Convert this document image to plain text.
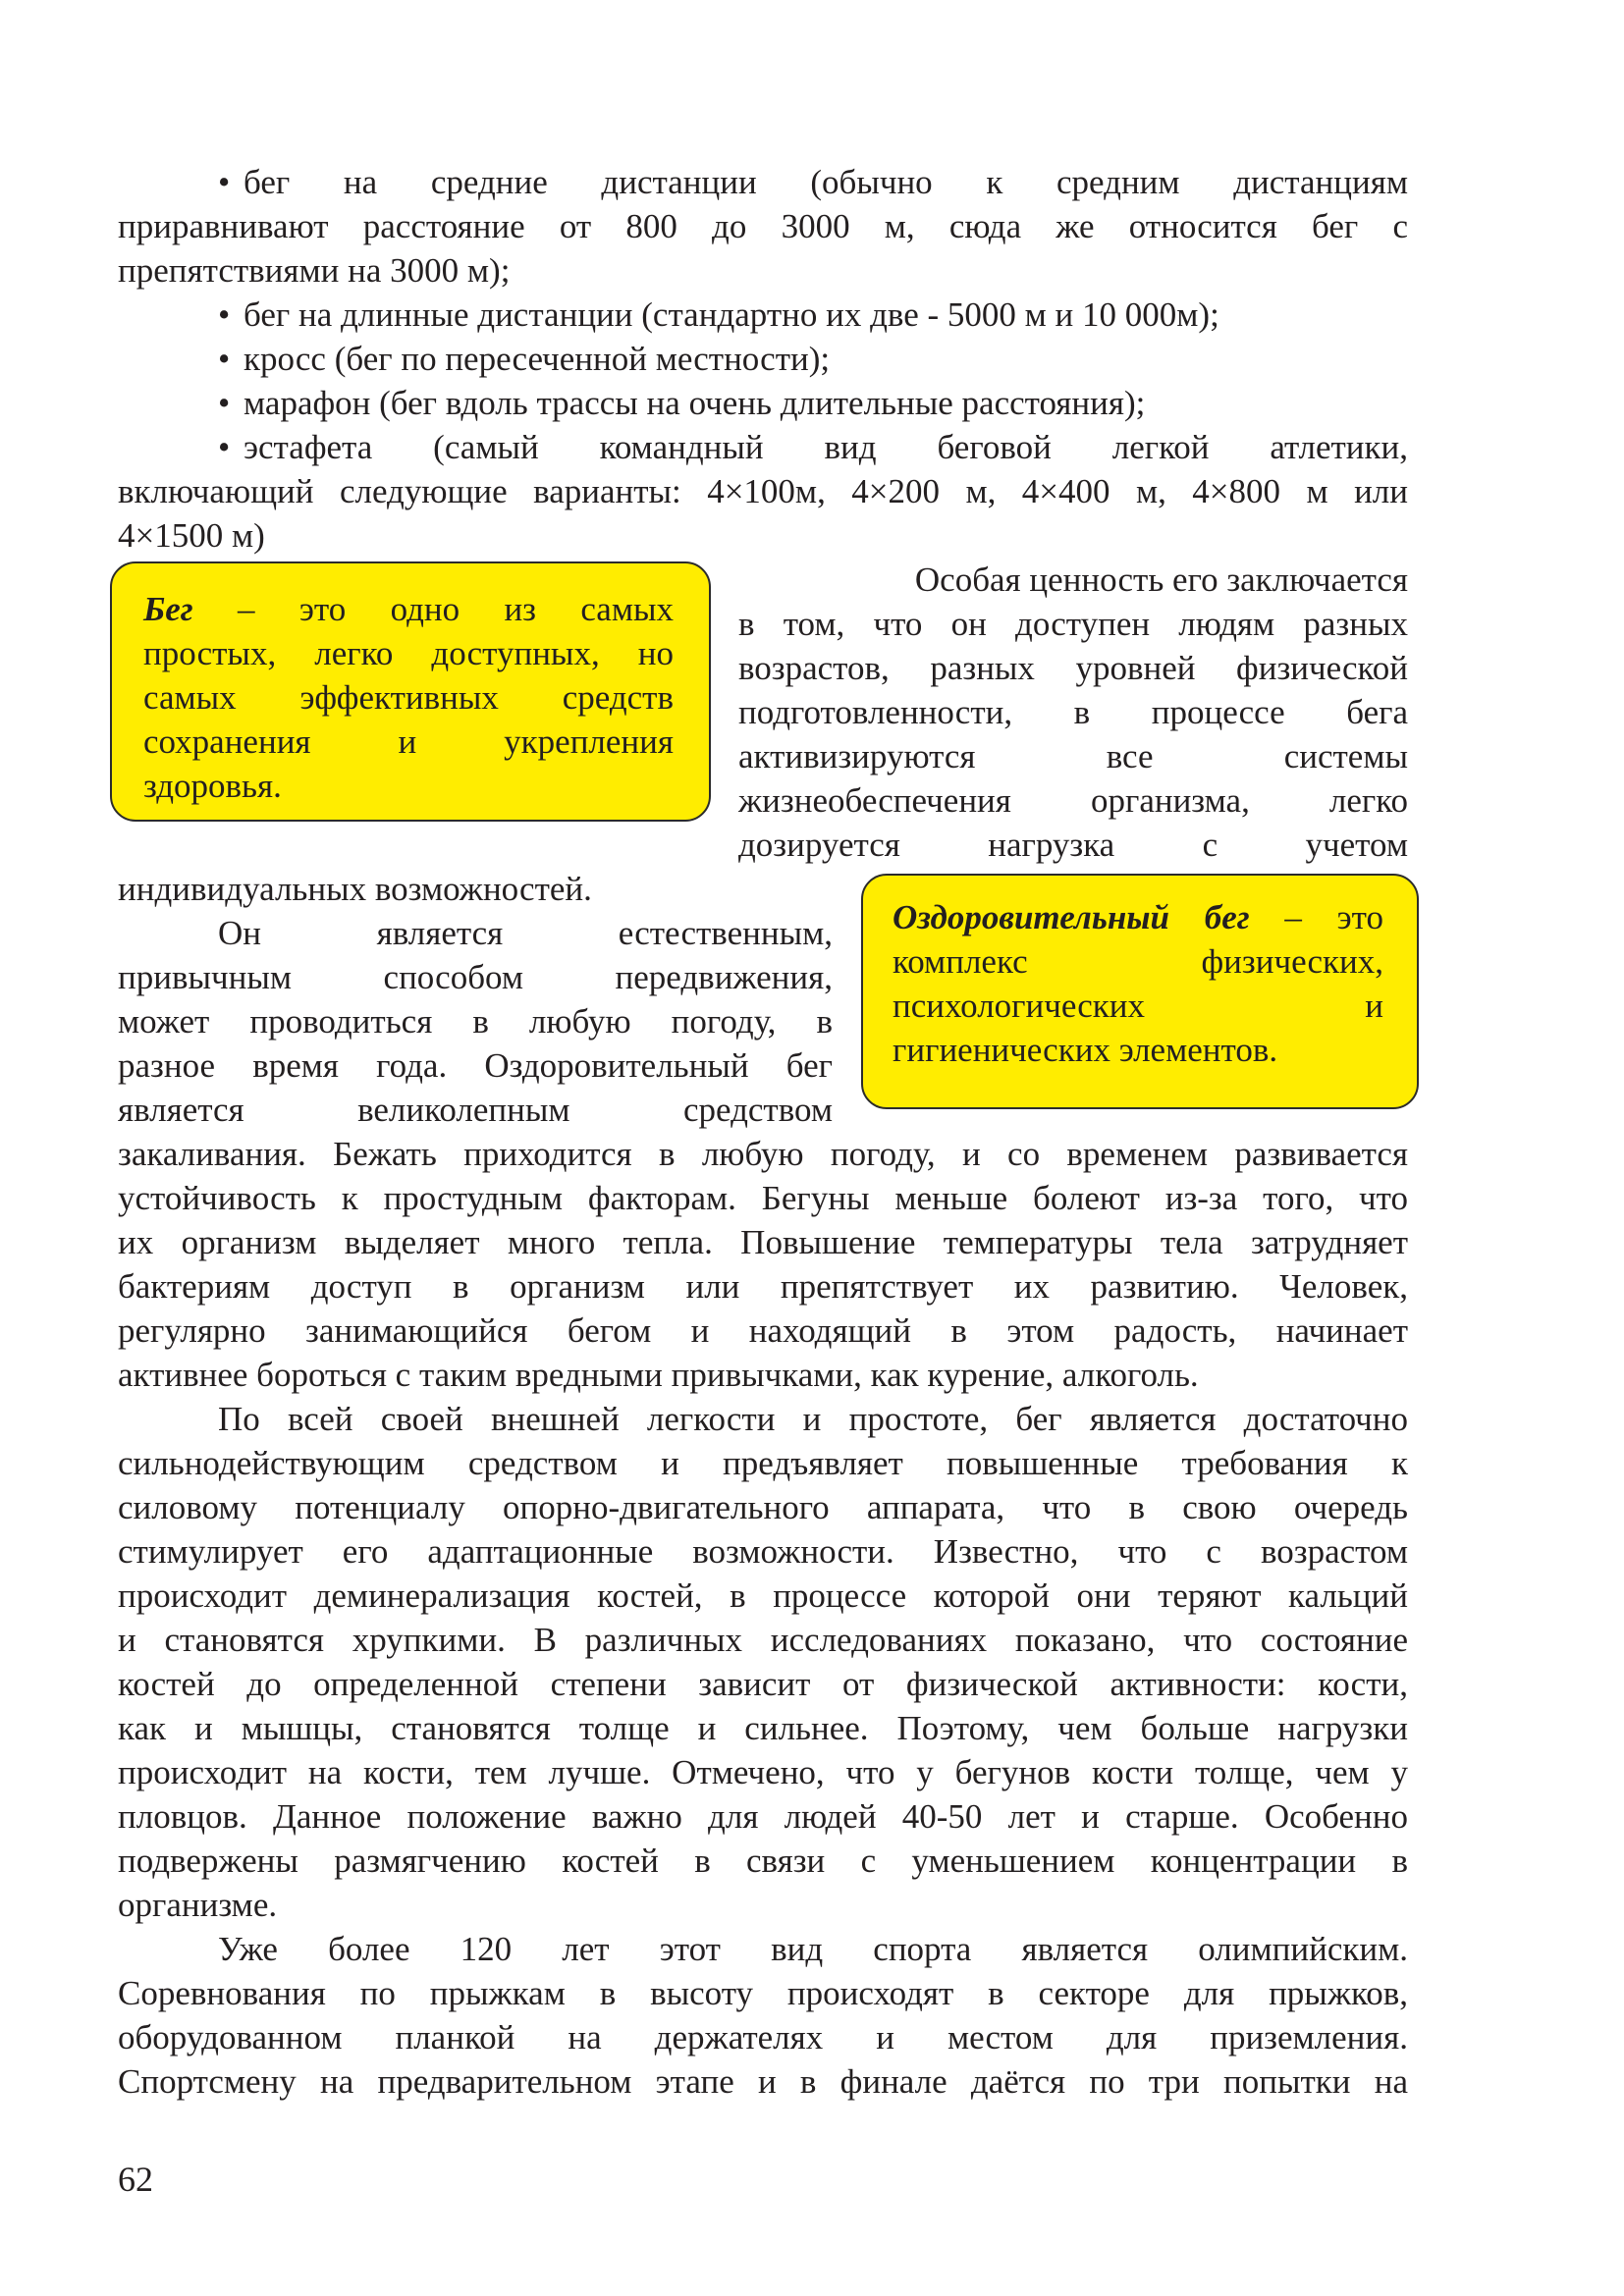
• бег на средние дистанции (обычно к средним дистанциям
приравнивают расстояние от 800 до 3000 м, сюда же относится бег с
препятствиями на 3000 м);
• бег на длинные дистанции (стандартно их две - 5000 м и 10 000м);
• кросс (бег по пересеченной местности);
• марафон (бег вдоль трассы на очень длительные расстояния);
• эстафета (самый командный вид беговой легкой атлетики,
включающий следующие варианты: 4×100м, 4×200 м, 4×400 м, 4×800 м или
4×1500 м)
Бег – это одно из самых
простых, легко доступных, но
самых эффективных средств
сохранения и укрепления
здоровья.
Особая ценность его заключается
в том, что он доступен людям разных
возрастов, разных уровней физической
подготовленности, в процессе бега
активизируются все системы
жизнеобеспечения организма, легко
дозируется нагрузка с учетом
индивидуальных возможностей.
Оздоровительный бег – это
комплекс физических,
психологических и
гигиенических элементов.
Он является естественным,
привычным способом передвижения,
может проводиться в любую погоду, в
разное время года. Оздоровительный бег
является великолепным средством
закаливания. Бежать приходится в любую погоду, и со временем развивается
устойчивость к простудным факторам. Бегуны меньше болеют из-за того, что
их организм выделяет много тепла. Повышение температуры тела затрудняет
бактериям доступ в организм или препятствует их развитию. Человек,
регулярно занимающийся бегом и находящий в этом радость, начинает
активнее бороться с таким вредными привычками, как курение, алкоголь.
По всей своей внешней легкости и простоте, бег является достаточно
сильнодействующим средством и предъявляет повышенные требования к
силовому потенциалу опорно-двигательного аппарата, что в свою очередь
стимулирует его адаптационные возможности. Известно, что с возрастом
происходит деминерализация костей, в процессе которой они теряют кальций
и становятся хрупкими. В различных исследованиях показано, что состояние
костей до определенной степени зависит от физической активности: кости,
как и мышцы, становятся толще и сильнее. Поэтому, чем больше нагрузки
происходит на кости, тем лучше. Отмечено, что у бегунов кости толще, чем у
пловцов. Данное положение важно для людей 40-50 лет и старше. Особенно
подвержены размягчению костей в связи с уменьшением концентрации в
организме.
Уже более 120 лет этот вид спорта является олимпийским.
Соревнования по прыжкам в высоту происходят в секторе для прыжков,
оборудованном планкой на держателях и местом для приземления.
Спортсмену на предварительном этапе и в финале даётся по три попытки на
62
